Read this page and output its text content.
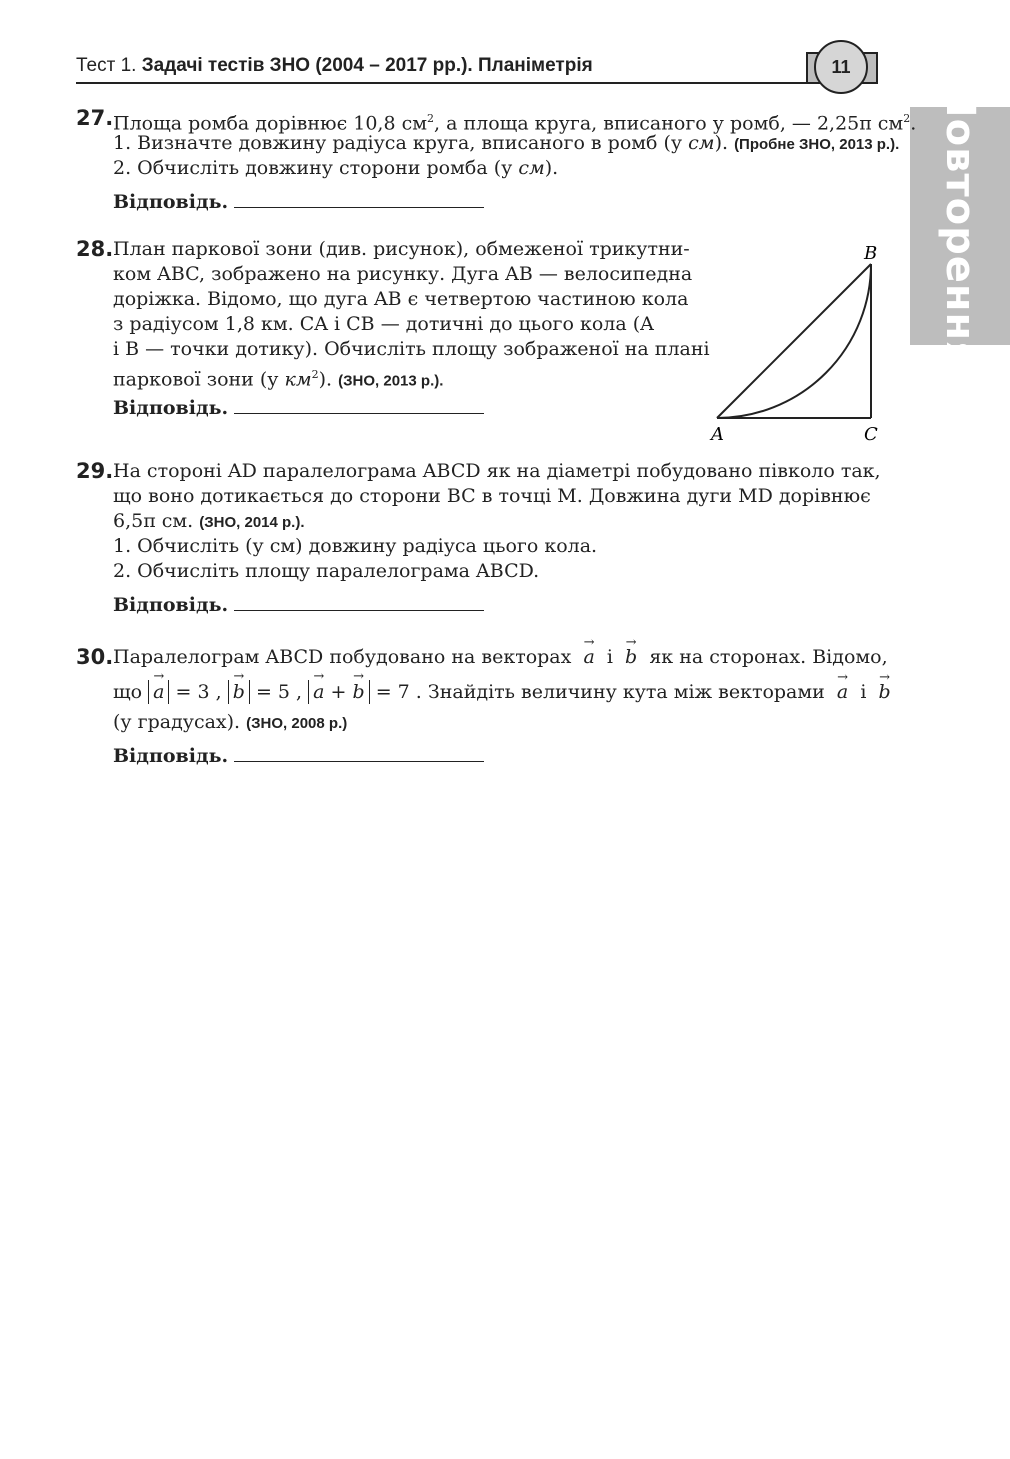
Тест 1. Задачі тестів ЗНО (2004 – 2017 рр.). Планіметрія	11
Повторення
27. Площа ромба дорівнює 10,8 $см^2$, а площа круга, вписаного у ромб, — 2,25π $см^2$.
1. Визначте довжину радіуса круга, вписаного в ромб (у см). (Пробне ЗНО, 2013 р.).
2. Обчисліть довжину сторони ромба (у см).
Відповідь.
28. План паркової зони (див. рисунок), обмеженої трикутни-
ком ABC, зображено на рисунку. Дуга AB — велосипедна
доріжка. Відомо, що дуга AB є четвертою частиною кола
з радіусом 1,8 км. CA і CB — дотичні до цього кола (A
і B — точки дотику). Обчисліть площу зображеної на плані
паркової зони (у $км^2$). (ЗНО, 2013 р.).
Відповідь.
A
B
C
29. На стороні AD паралелограма ABCD як на діаметрі побудовано півколо так,
що воно дотикається до сторони BC в точці M. Довжина дуги MD дорівнює
6,5π см. (ЗНО, 2014 р.).
1. Обчисліть (у см) довжину радіуса цього кола.
2. Обчисліть площу паралелограма ABCD.
Відповідь.
30. Паралелограм ABCD побудовано на векторах → a і → b як на сторонах. Відомо,
що → a = 3 , → b = 5 , → a + → b = 7 . Знайдіть величину кута між векторами → a і → b
(у градусах). (ЗНО, 2008 р.)
Відповідь.
